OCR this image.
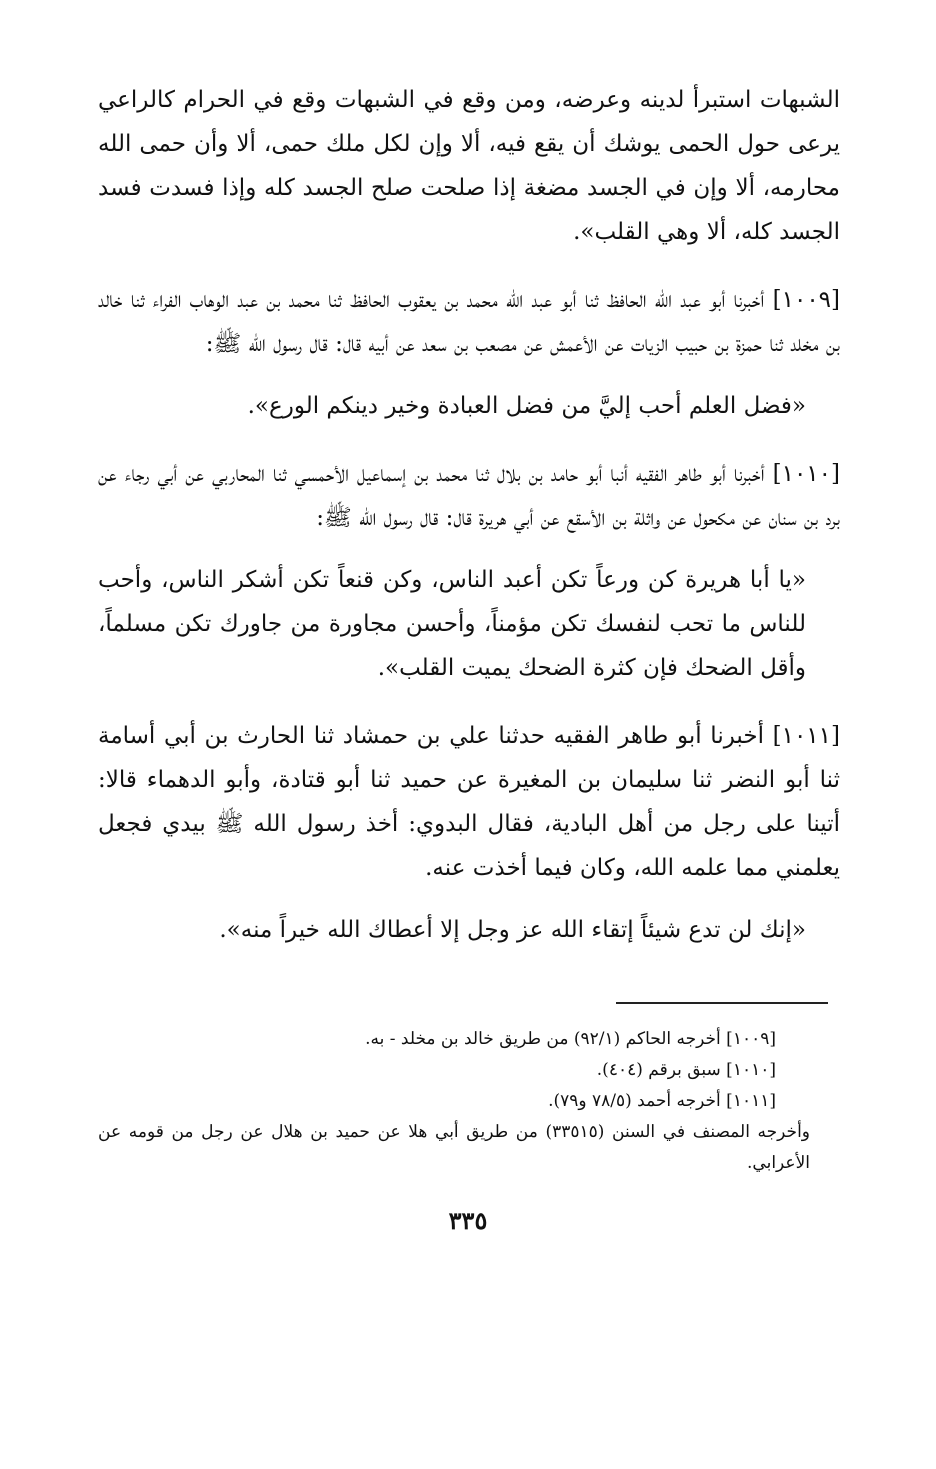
الشبهات استبرأ لدينه وعرضه، ومن وقع في الشبهات وقع في الحرام كالراعي يرعى حول الحمى يوشك أن يقع فيه، ألا وإن لكل ملك حمى، ألا وأن حمى الله محارمه، ألا وإن في الجسد مضغة إذا صلحت صلح الجسد كله وإذا فسدت فسد الجسد كله، ألا وهي القلب».

[١٠٠٩] أخبرنا أبو عبد الله الحافظ ثنا أبو عبد الله محمد بن يعقوب الحافظ ثنا محمد بن عبد الوهاب الفراء ثنا خالد بن مخلد ثنا حمزة بن حبيب الزيات عن الأعمش عن مصعب بن سعد عن أبيه قال: قال رسول الله ﷺ:

«فضل العلم أحب إليَّ من فضل العبادة وخير دينكم الورع».

[١٠١٠] أخبرنا أبو طاهر الفقيه أنبا أبو حامد بن بلال ثنا محمد بن إسماعيل الأحمسي ثنا المحاربي عن أبي رجاء عن برد بن سنان عن مكحول عن واثلة بن الأسقع عن أبي هريرة قال: قال رسول الله ﷺ:

«يا أبا هريرة كن ورعاً تكن أعبد الناس، وكن قنعاً تكن أشكر الناس، وأحب للناس ما تحب لنفسك تكن مؤمناً، وأحسن مجاورة من جاورك تكن مسلماً، وأقل الضحك فإن كثرة الضحك يميت القلب».

[١٠١١] أخبرنا أبو طاهر الفقيه حدثنا علي بن حمشاد ثنا الحارث بن أبي أسامة ثنا أبو النضر ثنا سليمان بن المغيرة عن حميد ثنا أبو قتادة، وأبو الدهماء قالا: أتينا على رجل من أهل البادية، فقال البدوي: أخذ رسول الله ﷺ بيدي فجعل يعلمني مما علمه الله، وكان فيما أخذت عنه.

«إنك لن تدع شيئاً إتقاء الله عز وجل إلا أعطاك الله خيراً منه».

[١٠٠٩] أخرجه الحاكم (٩٢/١) من طريق خالد بن مخلد - به.

[١٠١٠] سبق برقم (٤٠٤).

[١٠١١] أخرجه أحمد (٧٨/٥ و٧٩).

وأخرجه المصنف في السنن (٣٣٥١٥) من طريق أبي هلا عن حميد بن هلال عن رجل من قومه عن الأعرابي.

٣٣٥
